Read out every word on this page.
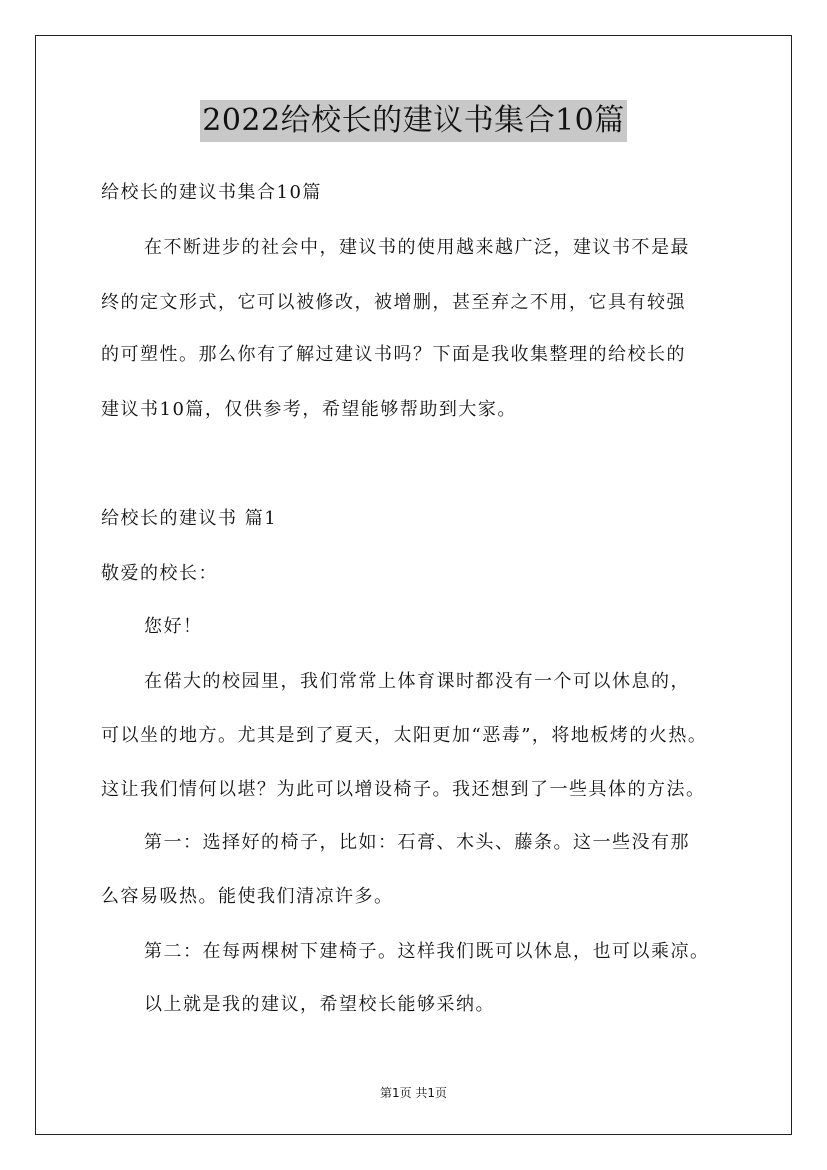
2022给校长的建议书集合10篇
给校长的建议书集合10篇
在不断进步的社会中，建议书的使用越来越广泛，建议书不是最
终的定文形式，它可以被修改，被增删，甚至弃之不用，它具有较强
的可塑性。那么你有了解过建议书吗？下面是我收集整理的给校长的
建议书10篇，仅供参考，希望能够帮助到大家。
给校长的建议书 篇1
敬爱的校长：
您好！
在偌大的校园里，我们常常上体育课时都没有一个可以休息的，
可以坐的地方。尤其是到了夏天，太阳更加“恶毒”，将地板烤的火热。
这让我们情何以堪？为此可以增设椅子。我还想到了一些具体的方法。
第一：选择好的椅子，比如：石膏、木头、藤条。这一些没有那
么容易吸热。能使我们清凉许多。
第二：在每两棵树下建椅子。这样我们既可以休息，也可以乘凉。
以上就是我的建议，希望校长能够采纳。
第1页 共1页
